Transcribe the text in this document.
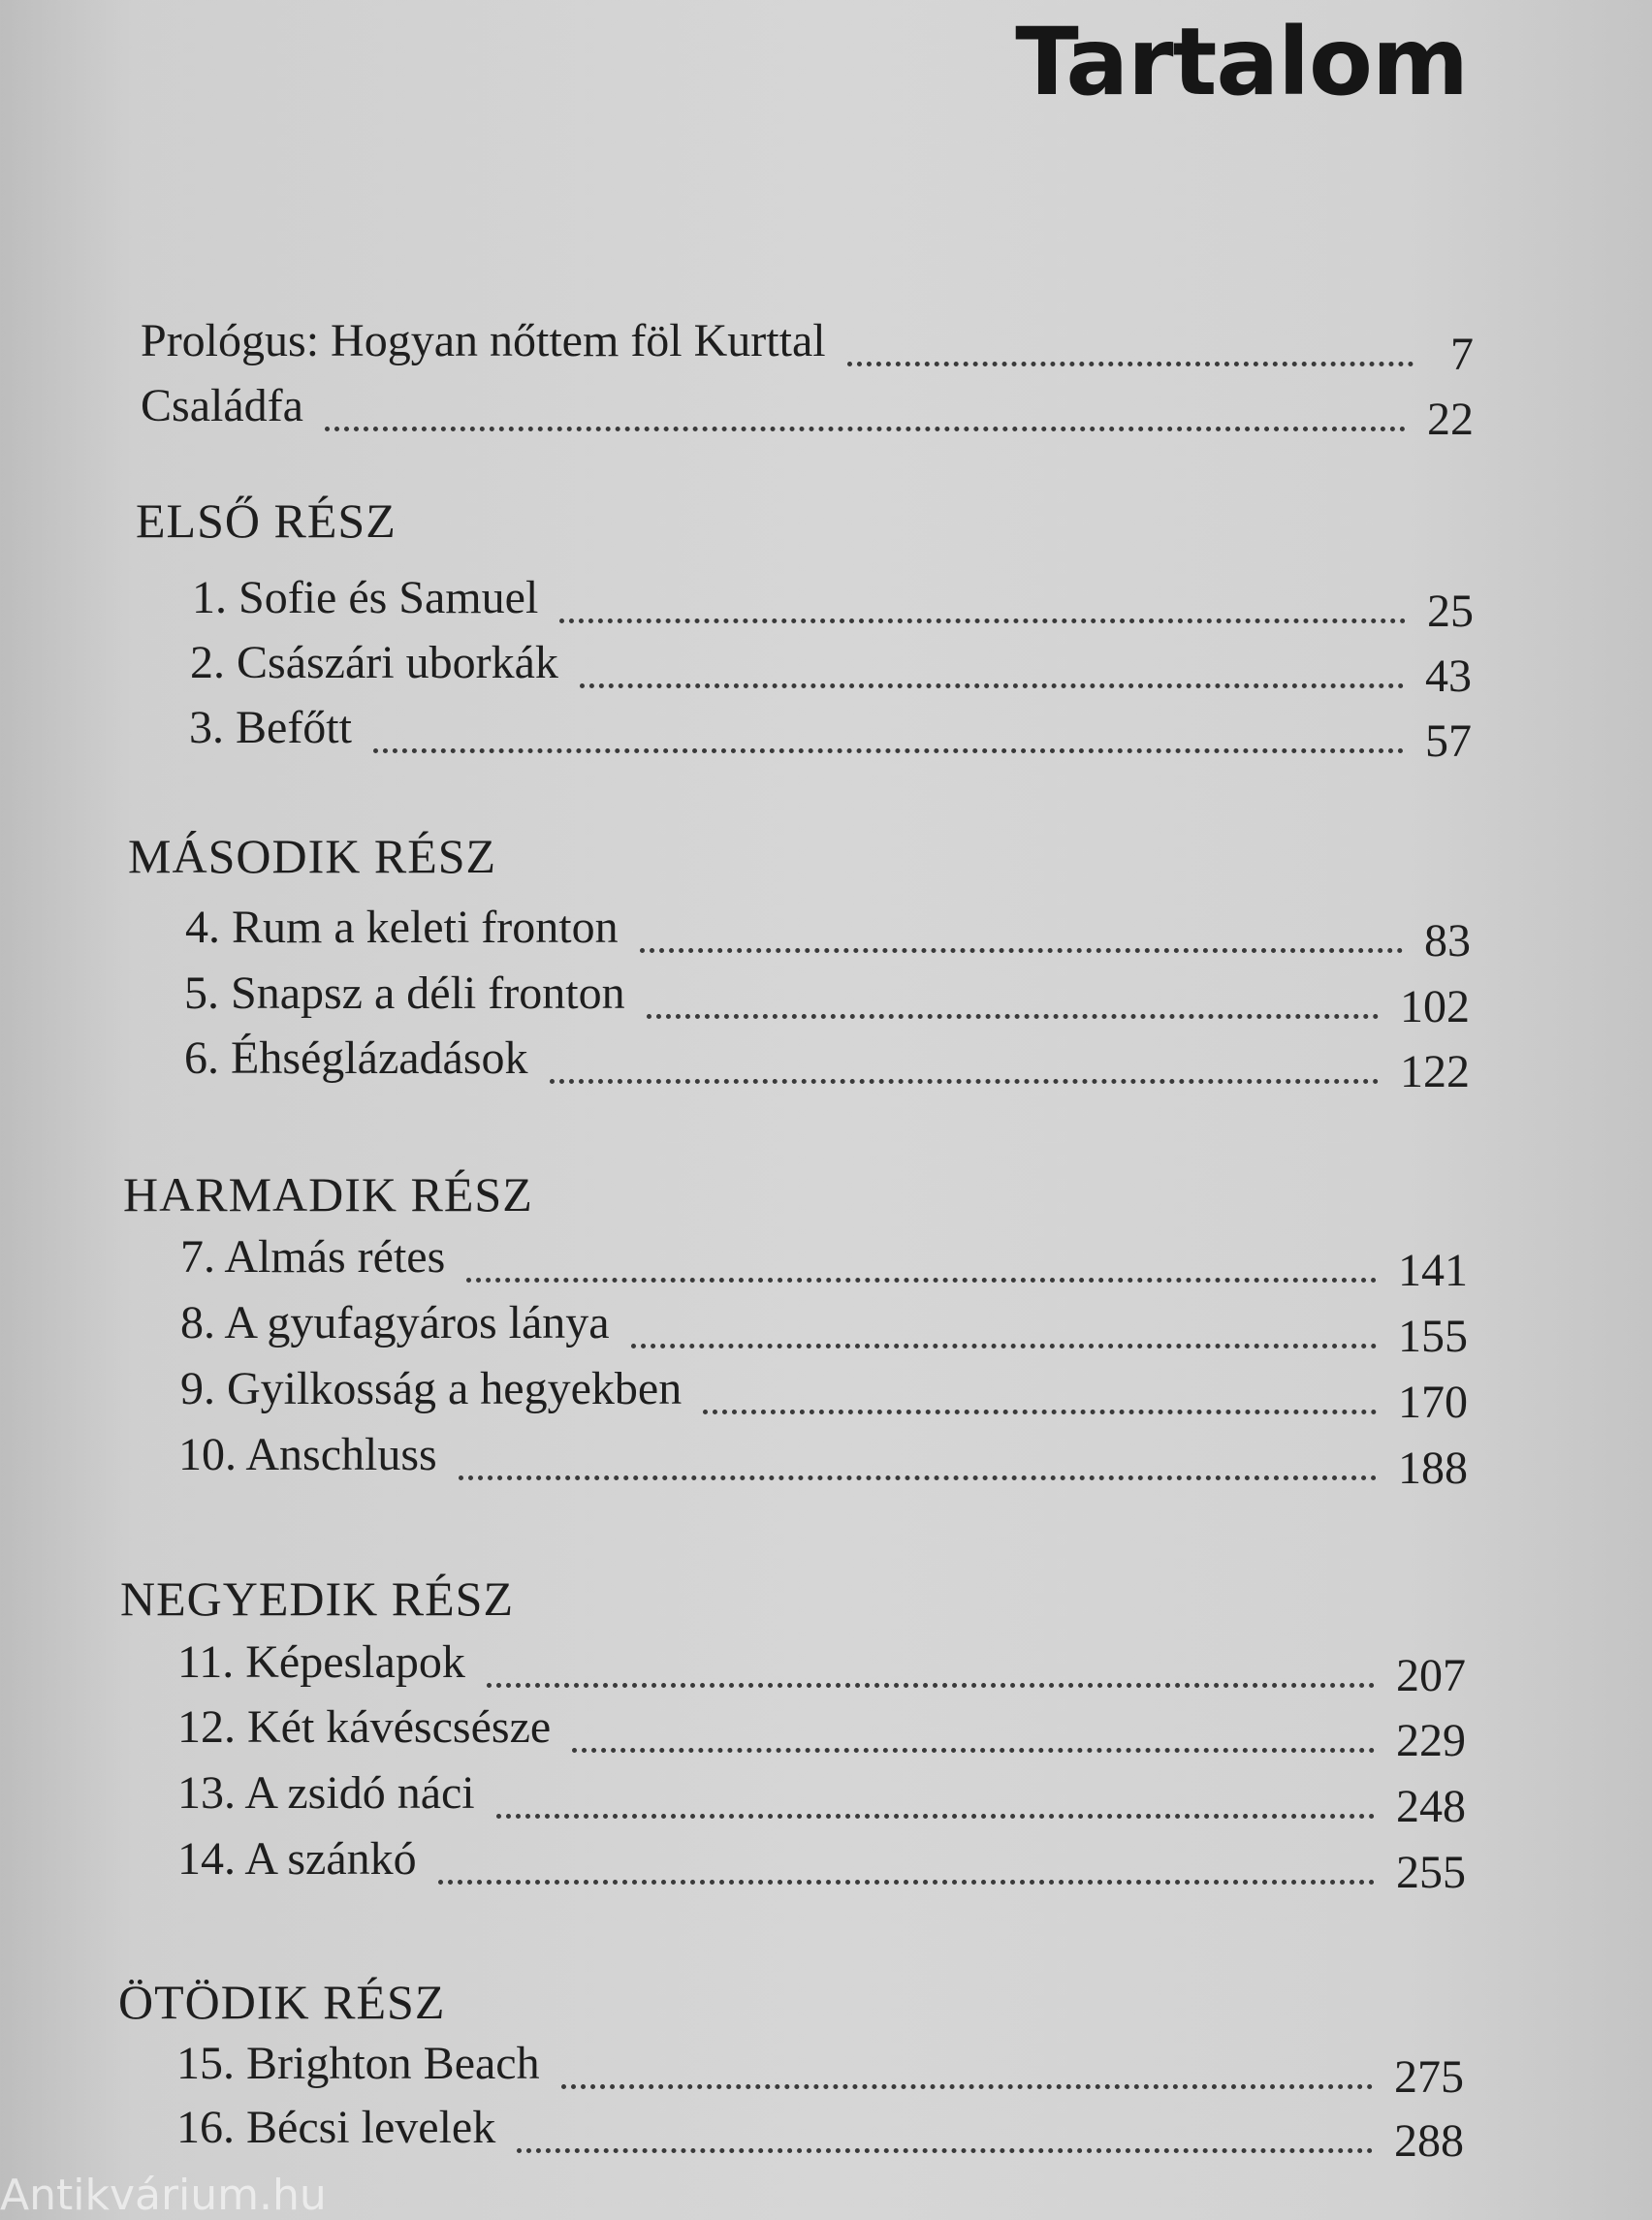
Tartalom
Prológus: Hogyan nőttem föl Kurttal	7
Családfa	22
ELSŐ RÉSZ
1. Sofie és Samuel	25
2. Császári uborkák	43
3. Befőtt	57
MÁSODIK RÉSZ
4. Rum a keleti fronton	83
5. Snapsz a déli fronton	102
6. Éhséglázadások	122
HARMADIK RÉSZ
7. Almás rétes	141
8. A gyufagyáros lánya	155
9. Gyilkosság a hegyekben	170
10. Anschluss	188
NEGYEDIK RÉSZ
11. Képeslapok	207
12. Két kávéscsésze	229
13. A zsidó náci	248
14. A szánkó	255
ÖTÖDIK RÉSZ
15. Brighton Beach	275
16. Bécsi levelek	288
Antikvárium.hu
